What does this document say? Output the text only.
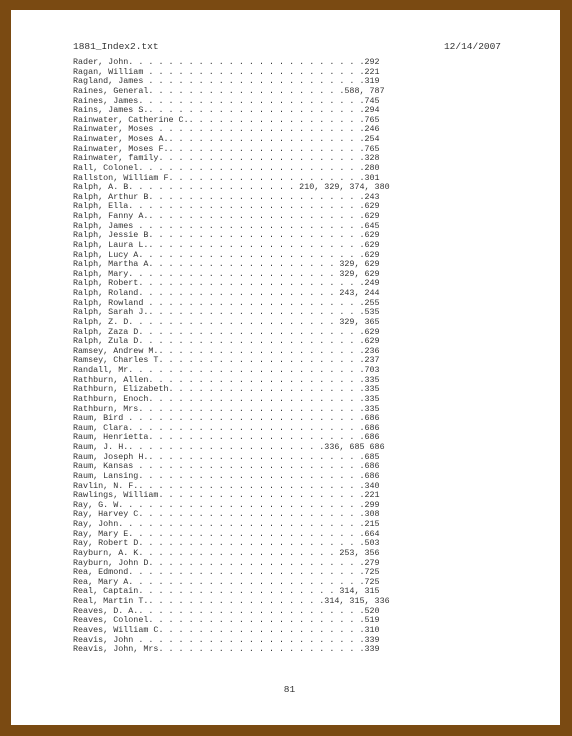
1881_Index2.txt	12/14/2007
Rader, John. . . . . . . . . . . . . . . . . . . . . . . .292
Ragan, William . . . . . . . . . . . . . . . . . . . . . .221
Ragland, James . . . . . . . . . . . . . . . . . . . . . .319
Raines, General. . . . . . . . . . . . . . . . . . . .588, 787
Raines, James. . . . . . . . . . . . . . . . . . . . . . .745
Rains, James S.. . . . . . . . . . . . . . . . . . . . . .294
Rainwater, Catherine C.. . . . . . . . . . . . . . . . . .765
Rainwater, Moses . . . . . . . . . . . . . . . . . . . . .246
Rainwater, Moses A.. . . . . . . . . . . . . . . . . . . .254
Rainwater, Moses F.. . . . . . . . . . . . . . . . . . . .765
Rainwater, family. . . . . . . . . . . . . . . . . . . . .328
Rall, Colonel. . . . . . . . . . . . . . . . . . . . . . .280
Rallston, William F. . . . . . . . . . . . . . . . . . . .301
Ralph, A. B. . . . . . . . . . . . . . . . . 210, 329, 374, 380
Ralph, Arthur B. . . . . . . . . . . . . . . . . . . . . .243
Ralph, Ella. . . . . . . . . . . . . . . . . . . . . . . .629
Ralph, Fanny A.. . . . . . . . . . . . . . . . . . . . . .629
Ralph, James . . . . . . . . . . . . . . . . . . . . . . .645
Ralph, Jessie B. . . . . . . . . . . . . . . . . . . . . .629
Ralph, Laura L.. . . . . . . . . . . . . . . . . . . . . .629
Ralph, Lucy A. . . . . . . . . . . . . . . . . . . . . . .629
Ralph, Martha A. . . . . . . . . . . . . . . . . . . 329, 629
Ralph, Mary. . . . . . . . . . . . . . . . . . . . . 329, 629
Ralph, Robert. . . . . . . . . . . . . . . . . . . . . . .249
Ralph, Roland. . . . . . . . . . . . . . . . . . . . 243, 244
Ralph, Rowland . . . . . . . . . . . . . . . . . . . . . .255
Ralph, Sarah J.. . . . . . . . . . . . . . . . . . . . . .535
Ralph, Z. D. . . . . . . . . . . . . . . . . . . . . 329, 365
Ralph, Zaza D. . . . . . . . . . . . . . . . . . . . . . .629
Ralph, Zula D. . . . . . . . . . . . . . . . . . . . . . .629
Ramsey, Andrew M.. . . . . . . . . . . . . . . . . . . . .236
Ramsey, Charles T. . . . . . . . . . . . . . . . . . . . .237
Randall, Mr. . . . . . . . . . . . . . . . . . . . . . . .703
Rathburn, Allen. . . . . . . . . . . . . . . . . . . . . .335
Rathburn, Elizabeth. . . . . . . . . . . . . . . . . . . .335
Rathburn, Enoch. . . . . . . . . . . . . . . . . . . . . .335
Rathburn, Mrs. . . . . . . . . . . . . . . . . . . . . . .335
Raum, Bird . . . . . . . . . . . . . . . . . . . . . . . .686
Raum, Clara. . . . . . . . . . . . . . . . . . . . . . . .686
Raum, Henrietta. . . . . . . . . . . . . . . . . . . . . .686
Raum, J. H.. . . . . . . . . . . . . . . . . . . .336, 685 686
Raum, Joseph H.. . . . . . . . . . . . . . . . . . . . . .685
Raum, Kansas . . . . . . . . . . . . . . . . . . . . . . .686
Raum, Lansing. . . . . . . . . . . . . . . . . . . . . . .686
Ravlin, N. F.. . . . . . . . . . . . . . . . . . . . . . .340
Rawlings, William. . . . . . . . . . . . . . . . . . . . .221
Ray, G. W. . . . . . . . . . . . . . . . . . . . . . . . .299
Ray, Harvey C. . . . . . . . . . . . . . . . . . . . . . .308
Ray, John. . . . . . . . . . . . . . . . . . . . . . . . .215
Ray, Mary E. . . . . . . . . . . . . . . . . . . . . . . .664
Ray, Robert D. . . . . . . . . . . . . . . . . . . . . . .503
Rayburn, A. K. . . . . . . . . . . . . . . . . . . . 253, 356
Rayburn, John D. . . . . . . . . . . . . . . . . . . . . .279
Rea, Edmond. . . . . . . . . . . . . . . . . . . . . . . .725
Rea, Mary A. . . . . . . . . . . . . . . . . . . . . . . .725
Real, Captain. . . . . . . . . . . . . . . . . . . . 314, 315
Real, Martin T.. . . . . . . . . . . . . . . . . .314, 315, 336
Reaves, D. A.. . . . . . . . . . . . . . . . . . . . . . .520
Reaves, Colonel. . . . . . . . . . . . . . . . . . . . . .519
Reaves, William C. . . . . . . . . . . . . . . . . . . . .310
Reavis, John . . . . . . . . . . . . . . . . . . . . . . .339
Reavis, John, Mrs. . . . . . . . . . . . . . . . . . . . .339
81
